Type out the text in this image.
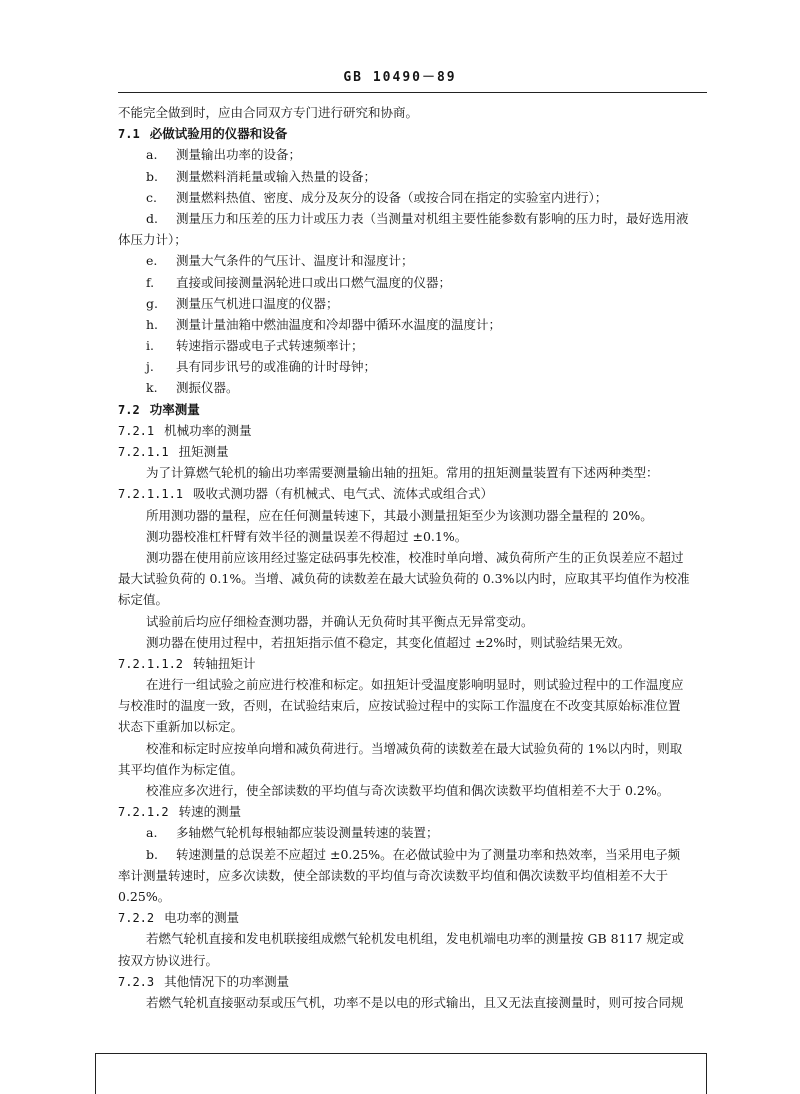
GB 10490－89
不能完全做到时，应由合同双方专门进行研究和协商。
7.1 必做试验用的仪器和设备
a. 测量输出功率的设备；
b. 测量燃料消耗量或输入热量的设备；
c. 测量燃料热值、密度、成分及灰分的设备（或按合同在指定的实验室内进行）；
d. 测量压力和压差的压力计或压力表（当测量对机组主要性能参数有影响的压力时，最好选用液
体压力计）；
e. 测量大气条件的气压计、温度计和湿度计；
f. 直接或间接测量涡轮进口或出口燃气温度的仪器；
g. 测量压气机进口温度的仪器；
h. 测量计量油箱中燃油温度和冷却器中循环水温度的温度计；
i. 转速指示器或电子式转速频率计；
j. 具有同步讯号的或准确的计时母钟；
k. 测振仪器。
7.2 功率测量
7.2.1 机械功率的测量
7.2.1.1 扭矩测量
为了计算燃气轮机的输出功率需要测量输出轴的扭矩。常用的扭矩测量装置有下述两种类型：
7.2.1.1.1 吸收式测功器（有机械式、电气式、流体式或组合式）
所用测功器的量程，应在任何测量转速下，其最小测量扭矩至少为该测功器全量程的 20%。
测功器校准杠杆臂有效半径的测量误差不得超过 ±0.1%。
测功器在使用前应该用经过鉴定砝码事先校准，校准时单向增、减负荷所产生的正负误差应不超过
最大试验负荷的 0.1%。当增、减负荷的读数差在最大试验负荷的 0.3%以内时，应取其平均值作为校准
标定值。
试验前后均应仔细检查测功器，并确认无负荷时其平衡点无异常变动。
测功器在使用过程中，若扭矩指示值不稳定，其变化值超过 ±2%时，则试验结果无效。
7.2.1.1.2 转轴扭矩计
在进行一组试验之前应进行校准和标定。如扭矩计受温度影响明显时，则试验过程中的工作温度应
与校准时的温度一致，否则，在试验结束后，应按试验过程中的实际工作温度在不改变其原始标准位置
状态下重新加以标定。
校准和标定时应按单向增和减负荷进行。当增减负荷的读数差在最大试验负荷的 1%以内时，则取
其平均值作为标定值。
校准应多次进行，使全部读数的平均值与奇次读数平均值和偶次读数平均值相差不大于 0.2%。
7.2.1.2 转速的测量
a. 多轴燃气轮机每根轴都应装设测量转速的装置；
b. 转速测量的总误差不应超过 ±0.25%。在必做试验中为了测量功率和热效率，当采用电子频
率计测量转速时，应多次读数，使全部读数的平均值与奇次读数平均值和偶次读数平均值相差不大于
0.25%。
7.2.2 电功率的测量
若燃气轮机直接和发电机联接组成燃气轮机发电机组，发电机端电功率的测量按 GB 8117 规定或
按双方协议进行。
7.2.3 其他情况下的功率测量
若燃气轮机直接驱动泵或压气机，功率不是以电的形式输出，且又无法直接测量时，则可按合同规
